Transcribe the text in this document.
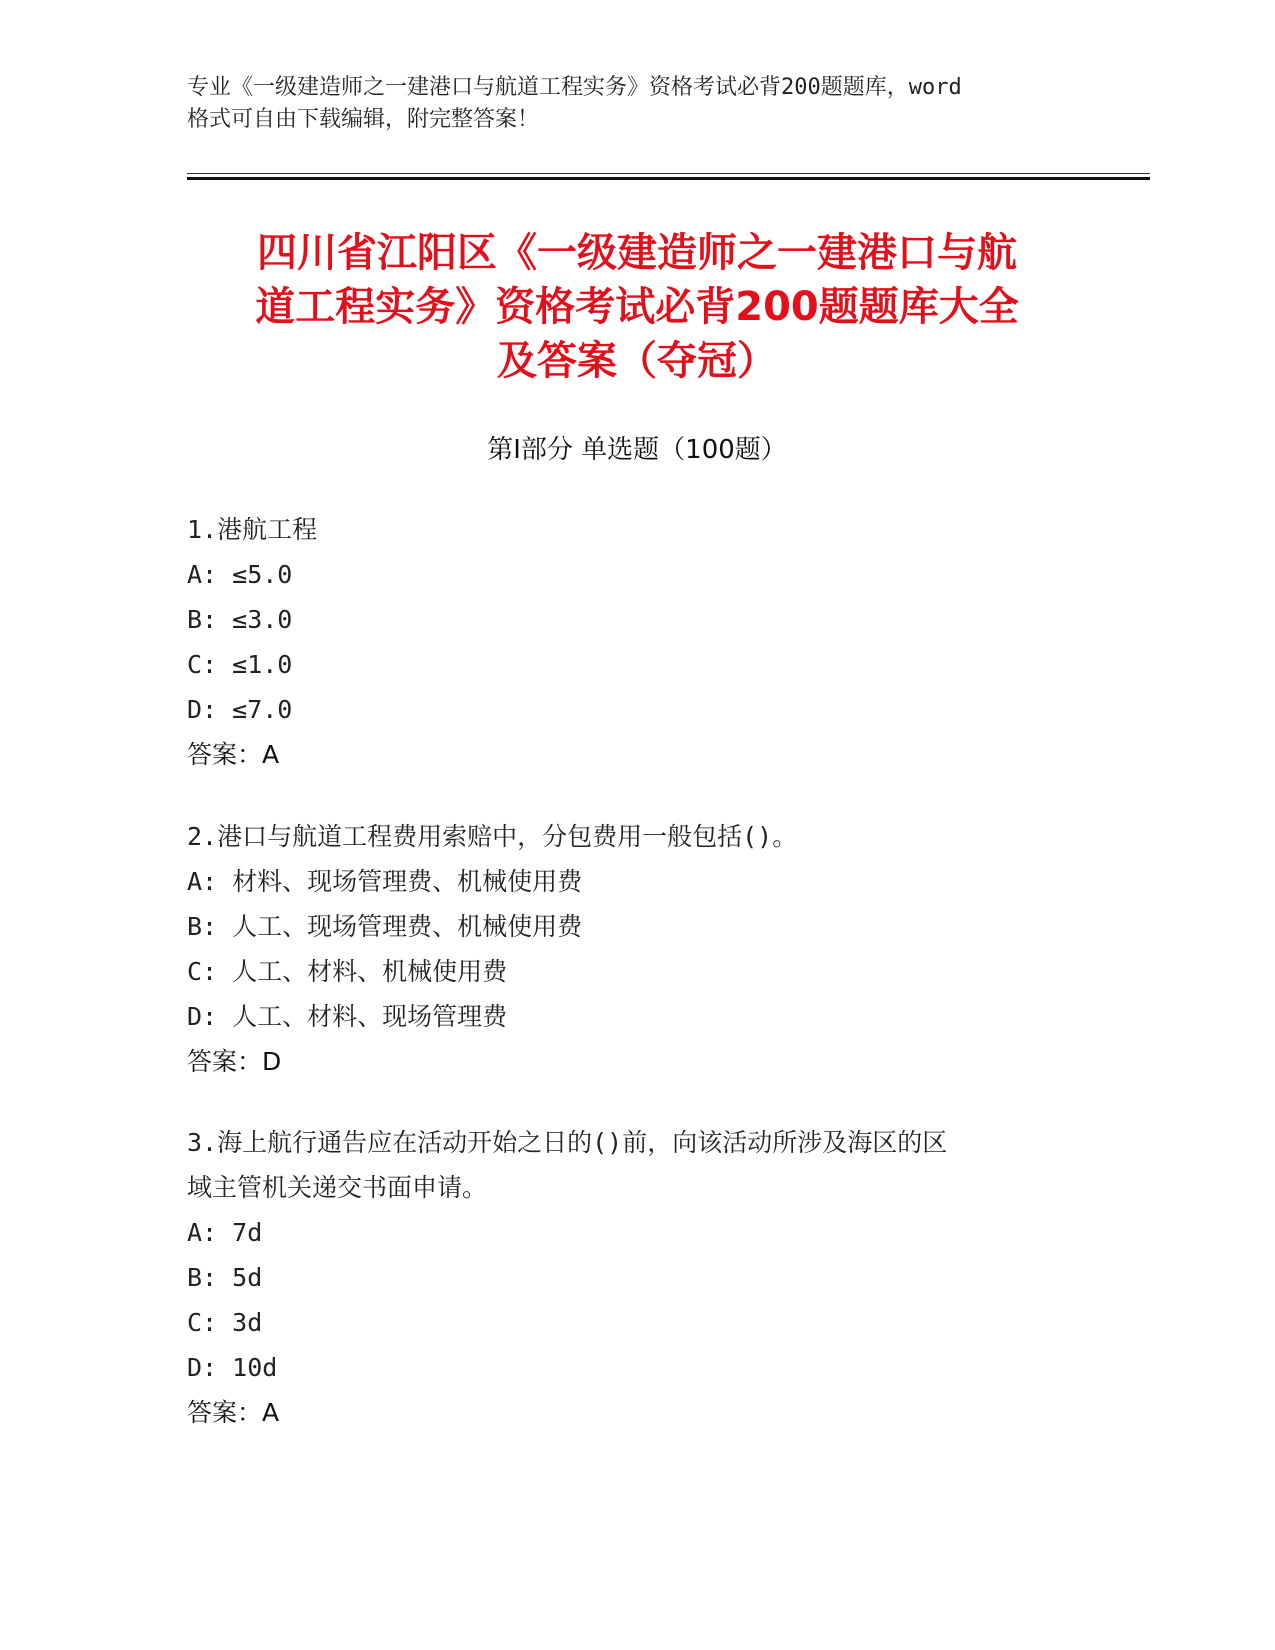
专业《一级建造师之一建港口与航道工程实务》资格考试必背200题题库，word
格式可自由下载编辑，附完整答案！
四川省江阳区《一级建造师之一建港口与航
道工程实务》资格考试必背200题题库大全
及答案（夺冠）
第Ⅰ部分 单选题（100题）
1.港航工程
A: ≤5.0
B: ≤3.0
C: ≤1.0
D: ≤7.0
答案：A
2.港口与航道工程费用索赔中，分包费用一般包括()。
A: 材料、现场管理费、机械使用费
B: 人工、现场管理费、机械使用费
C: 人工、材料、机械使用费
D: 人工、材料、现场管理费
答案：D
3.海上航行通告应在活动开始之日的()前，向该活动所涉及海区的区
域主管机关递交书面申请。
A: 7d
B: 5d
C: 3d
D: 10d
答案：A
